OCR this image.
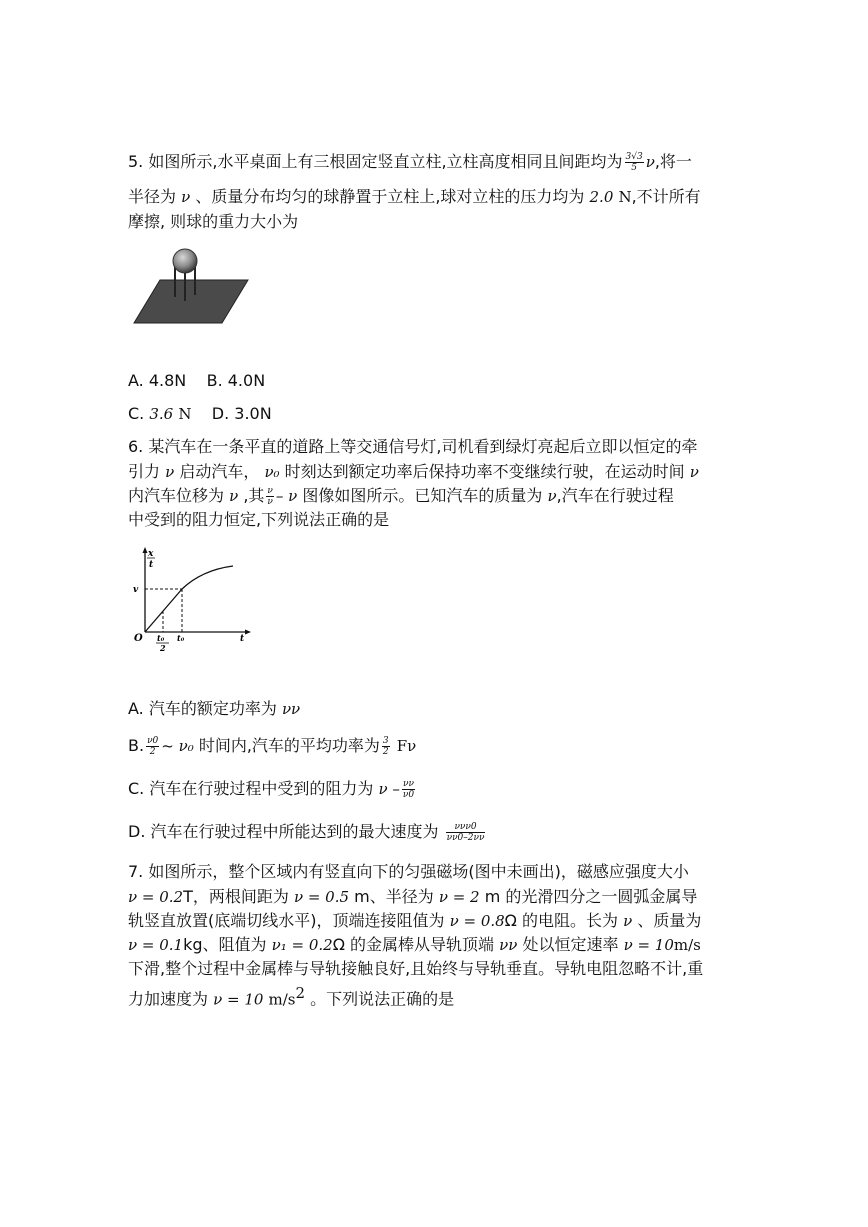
5. 如图所示,水平桌面上有三根固定竖直立柱,立柱高度相同且间距均为 $\frac{3√3}{5} \nu$,将一
半径为 ν 、质量分布均匀的球静置于立柱上,球对立柱的压力均为 2.0 N,不计所有
摩擦, 则球的重力大小为
A. 4.8N B. 4.0N
C. 3.6 N D. 3.0N
6. 某汽车在一条平直的道路上等交通信号灯,司机看到绿灯亮起后立即以恒定的牵
引力 ν 启动汽车， ν₀ 时刻达到额定功率后保持功率不变继续行驶，在运动时间 ν
内汽车位移为 ν ,其 $\frac{\nu}{\nu}$ – ν 图像如图所示。已知汽车的质量为 ν,汽车在行驶过程
中受到的阻力恒定,下列说法正确的是
x
t
v
O	t
t₀
2
t₀
A. 汽车的额定功率为 νν
B. $\frac{\nu 0}{2}$ ~ ν₀ 时间内,汽车的平均功率为 $\frac{3}{2}$ Fν
C. 汽车在行驶过程中受到的阻力为 ν – $\frac{\nu\nu}{\nu 0}$
D. 汽车在行驶过程中所能达到的最大速度为 $\frac{\text{ννν0}}{\nu\nu 0-2\nu\nu}$
7. 如图所示，整个区域内有竖直向下的匀强磁场(图中未画出)，磁感应强度大小
ν = 0.2T，两根间距为 ν = 0.5 m、半径为 ν = 2 m 的光滑四分之一圆弧金属导
轨竖直放置(底端切线水平)，顶端连接阻值为 ν = 0.8Ω 的电阻。长为 ν 、质量为
ν = 0.1kg、阻值为 ν₁ = 0.2Ω 的金属棒从导轨顶端 νν 处以恒定速率 ν = 10m/s
下滑,整个过程中金属棒与导轨接触良好,且始终与导轨垂直。导轨电阻忽略不计,重
力加速度为 ν = 10 $m/s^2$ 。下列说法正确的是
